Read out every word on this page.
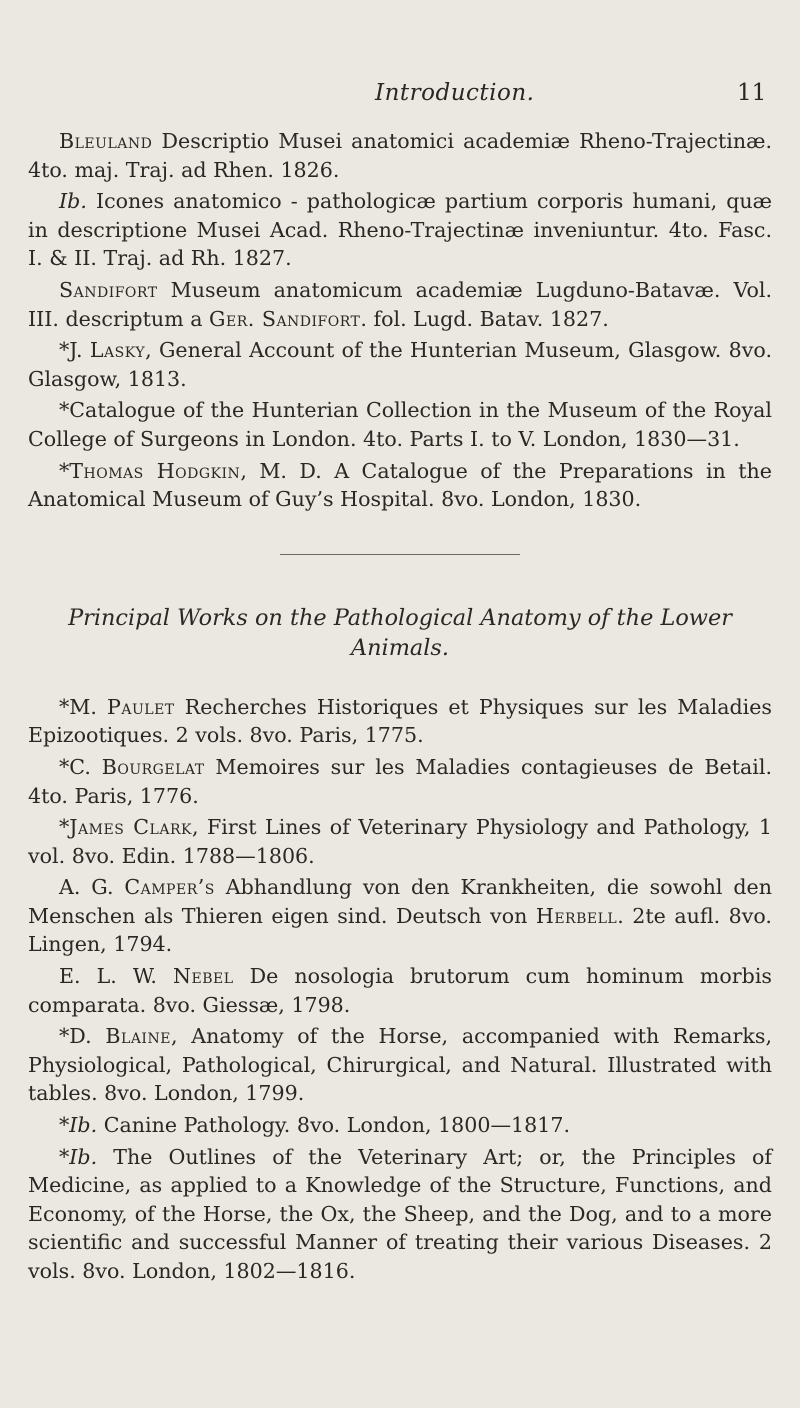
Introduction.	11

Bleuland Descriptio Musei anatomici academiæ Rheno-Trajectinæ. 4to. maj. Traj. ad Rhen. 1826.

Ib. Icones anatomico - pathologicæ partium corporis humani, quæ in descriptione Musei Acad. Rheno-Trajectinæ inveniuntur. 4to. Fasc. I. & II. Traj. ad Rh. 1827.

Sandifort Museum anatomicum academiæ Lugduno-Batavæ. Vol. III. descriptum a Ger. Sandifort. fol. Lugd. Batav. 1827.

*J. Lasky, General Account of the Hunterian Museum, Glasgow. 8vo. Glasgow, 1813.

*Catalogue of the Hunterian Collection in the Museum of the Royal College of Surgeons in London. 4to. Parts I. to V. London, 1830—31.

*Thomas Hodgkin, M. D. A Catalogue of the Preparations in the Anatomical Museum of Guy’s Hospital. 8vo. London, 1830.

Principal Works on the Pathological Anatomy of the Lower Animals.

*M. Paulet Recherches Historiques et Physiques sur les Maladies Epizootiques. 2 vols. 8vo. Paris, 1775.

*C. Bourgelat Memoires sur les Maladies contagieuses de Betail. 4to. Paris, 1776.

*James Clark, First Lines of Veterinary Physiology and Pathology, 1 vol. 8vo. Edin. 1788—1806.

A. G. Camper’s Abhandlung von den Krankheiten, die sowohl den Menschen als Thieren eigen sind. Deutsch von Herbell. 2te aufl. 8vo. Lingen, 1794.

E. L. W. Nebel De nosologia brutorum cum hominum morbis comparata. 8vo. Giessæ, 1798.

*D. Blaine, Anatomy of the Horse, accompanied with Remarks, Physiological, Pathological, Chirurgical, and Natural. Illustrated with tables. 8vo. London, 1799.

*Ib. Canine Pathology. 8vo. London, 1800—1817.

*Ib. The Outlines of the Veterinary Art; or, the Principles of Medicine, as applied to a Knowledge of the Structure, Functions, and Economy, of the Horse, the Ox, the Sheep, and the Dog, and to a more scientific and successful Manner of treating their various Diseases. 2 vols. 8vo. London, 1802—1816.
